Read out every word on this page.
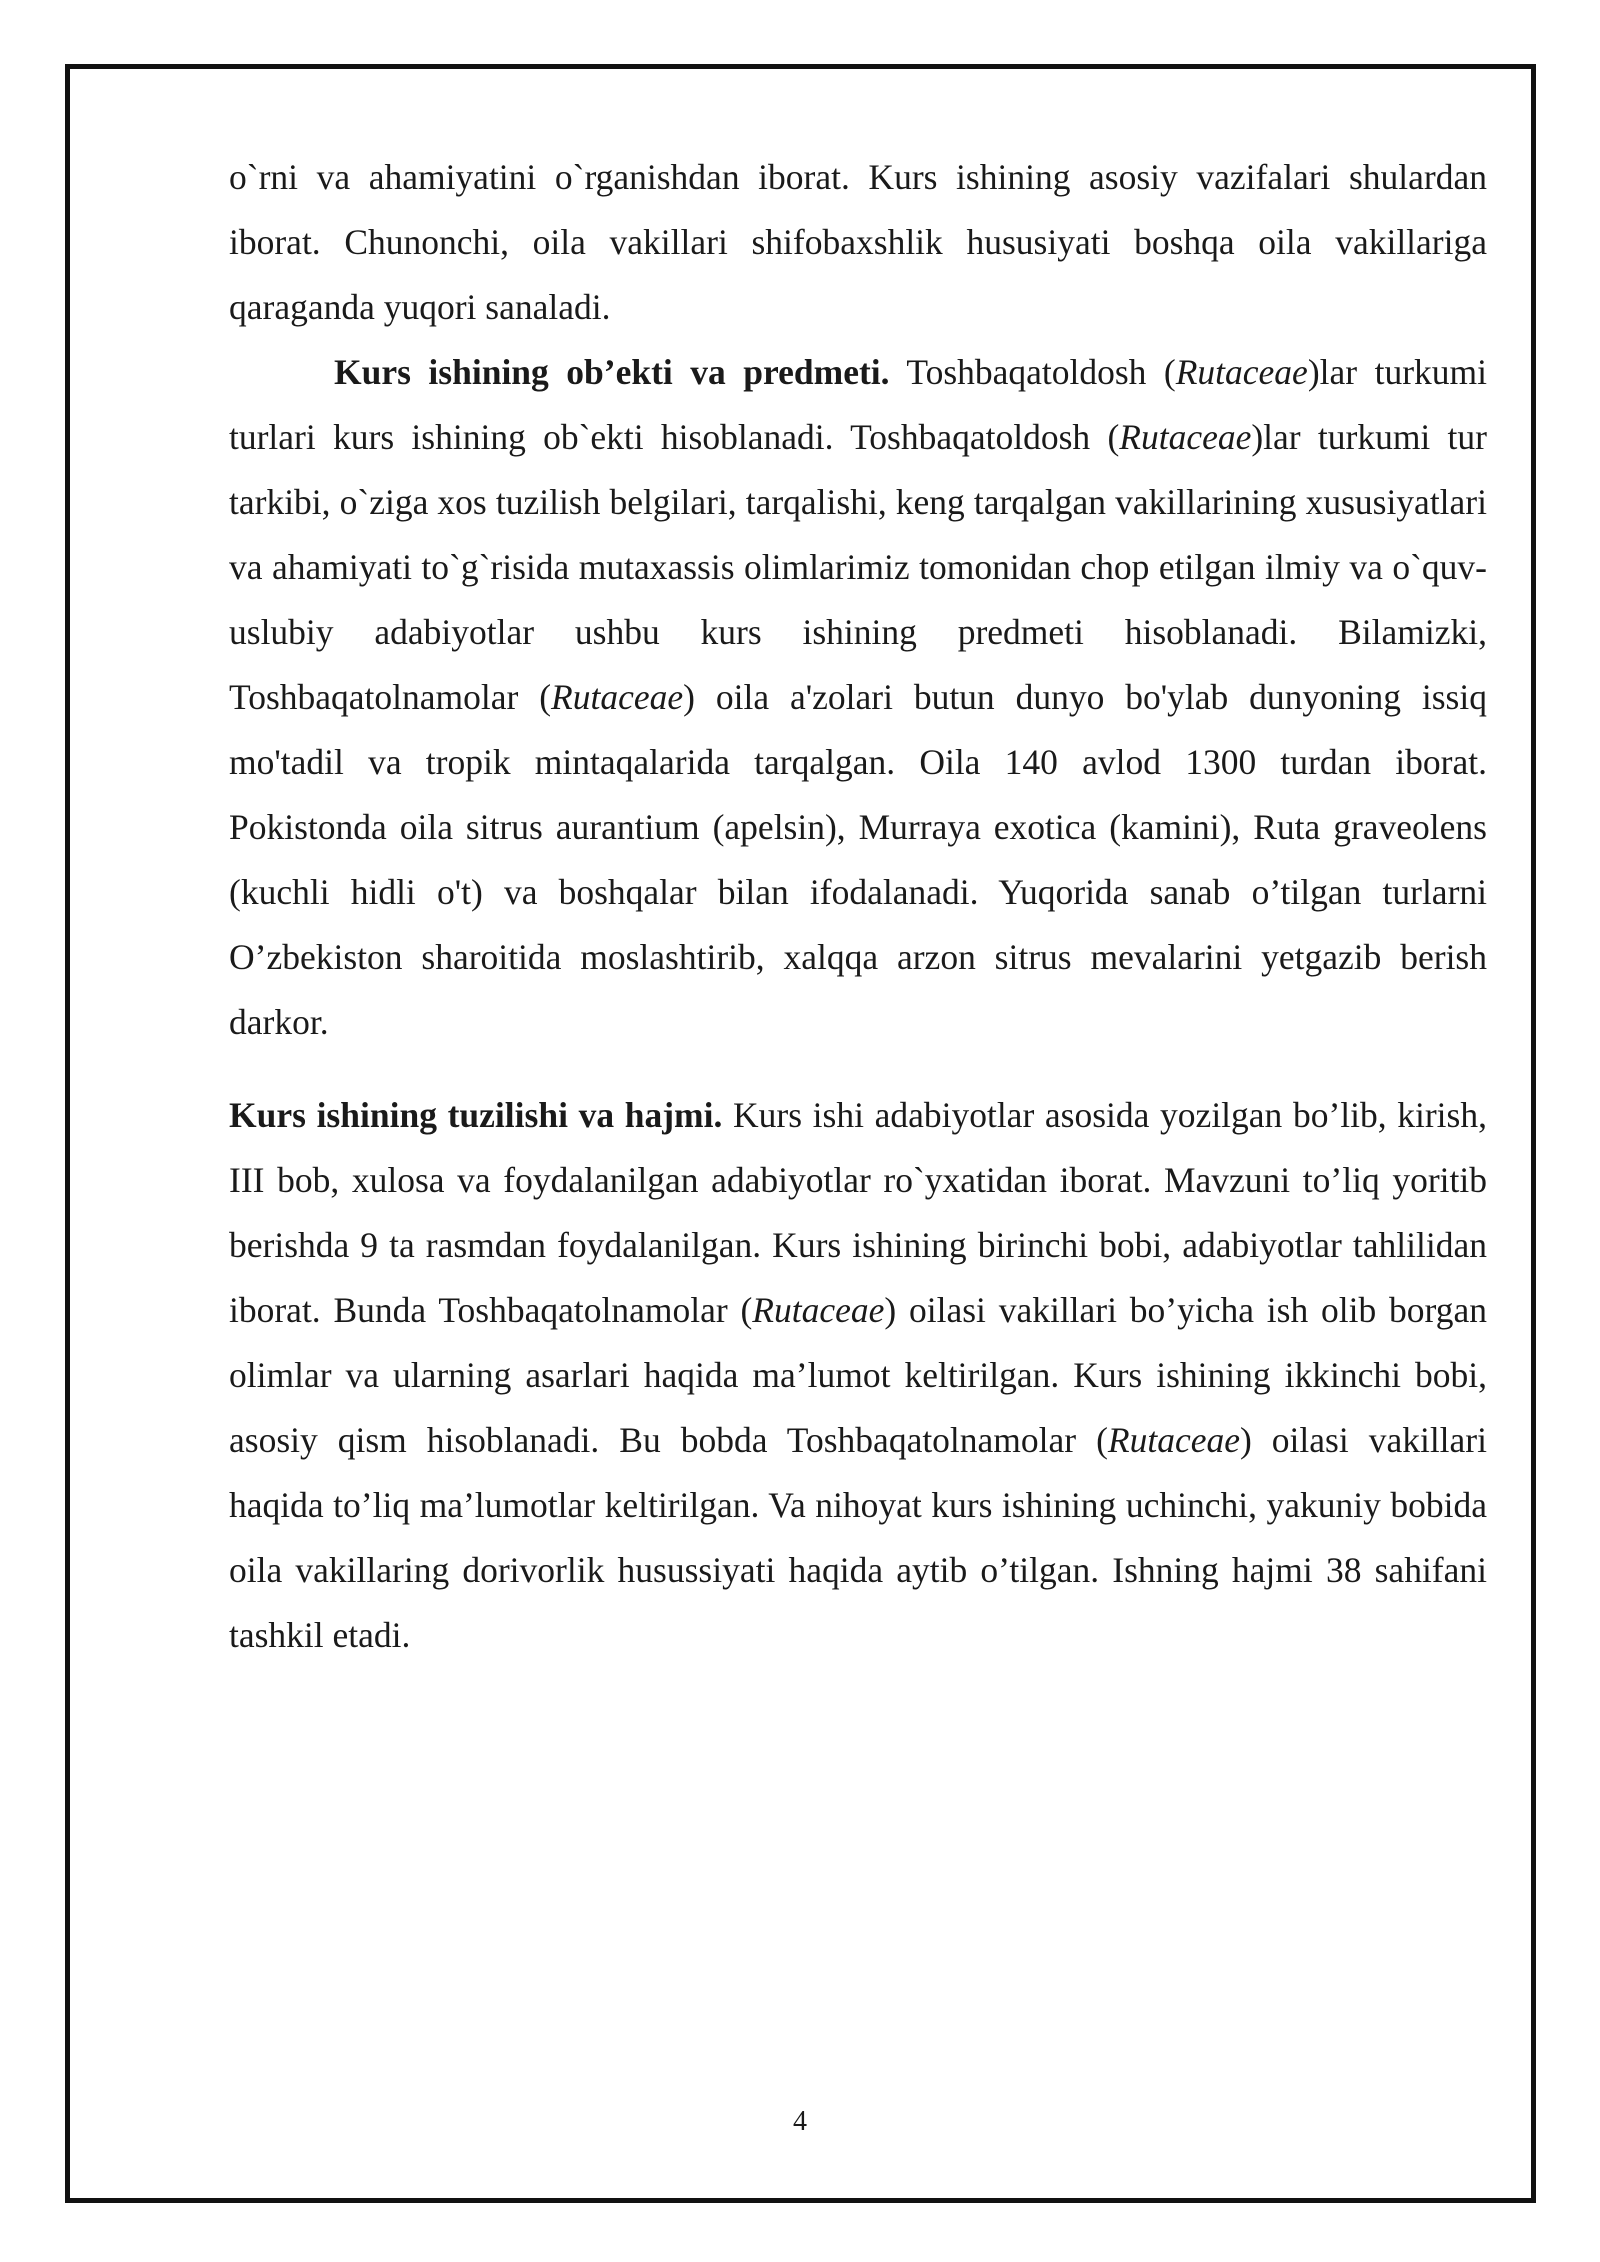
o`rni va ahamiyatini o`rganishdan iborat. Kurs ishining asosiy vazifalari shulardan iborat. Chunonchi, oila vakillari shifobaxshlik hususiyati boshqa oila vakillariga qaraganda yuqori sanaladi.

Kurs ishining ob’ekti va predmeti. Toshbaqatoldosh (Rutaceae)lar turkumi turlari kurs ishining ob`ekti hisoblanadi. Toshbaqatoldosh (Rutaceae)lar turkumi tur tarkibi, o`ziga xos tuzilish belgilari, tarqalishi, keng tarqalgan vakillarining xususiyatlari va ahamiyati to`g`risida mutaxassis olimlarimiz tomonidan chop etilgan ilmiy va o`quv-uslubiy adabiyotlar ushbu kurs ishining predmeti hisoblanadi. Bilamizki, Toshbaqatolnamolar (Rutaceae) oila a'zolari butun dunyo bo'ylab dunyoning issiq mo'tadil va tropik mintaqalarida tarqalgan. Oila 140 avlod 1300 turdan iborat. Pokistonda oila sitrus aurantium (apelsin), Murraya exotica (kamini), Ruta graveolens (kuchli hidli o't) va boshqalar bilan ifodalanadi. Yuqorida sanab o’tilgan turlarni O’zbekiston sharoitida moslashtirib, xalqqa arzon sitrus mevalarini yetgazib berish darkor.

Kurs ishining tuzilishi va hajmi. Kurs ishi adabiyotlar asosida yozilgan bo’lib, kirish, III bob, xulosa va foydalanilgan adabiyotlar ro`yxatidan iborat. Mavzuni to’liq yoritib berishda 9 ta rasmdan foydalanilgan. Kurs ishining birinchi bobi, adabiyotlar tahlilidan iborat. Bunda Toshbaqatolnamolar (Rutaceae) oilasi vakillari bo’yicha ish olib borgan olimlar va ularning asarlari haqida ma’lumot keltirilgan. Kurs ishining ikkinchi bobi, asosiy qism hisoblanadi. Bu bobda Toshbaqatolnamolar (Rutaceae) oilasi vakillari haqida to’liq ma’lumotlar keltirilgan. Va nihoyat kurs ishining uchinchi, yakuniy bobida oila vakillaring dorivorlik husussiyati haqida aytib o’tilgan. Ishning hajmi 38 sahifani tashkil etadi.

4
